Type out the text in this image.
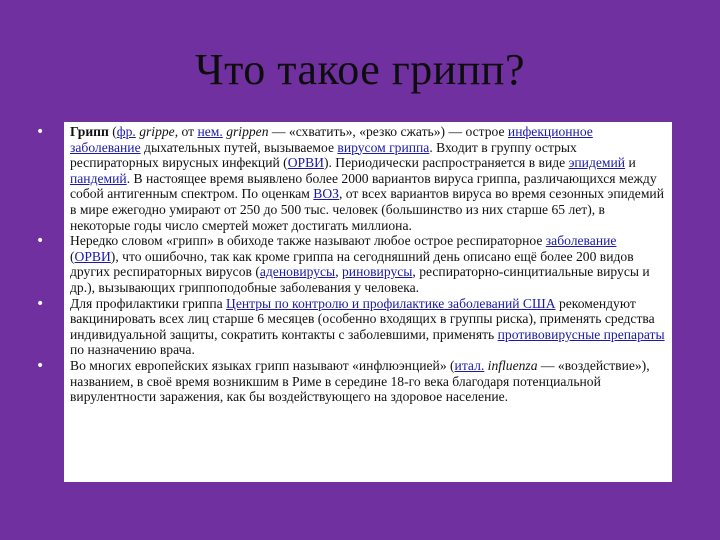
Что такое грипп?
•
•
•
•

Грипп (фр. grippe, от нем. grippen — «схватить», «резко сжать») — острое инфекционное заболевание дыхательных путей, вызываемое вирусом гриппа. Входит в группу острых респираторных вирусных инфекций (ОРВИ). Периодически распространяется в виде эпидемий и пандемий. В настоящее время выявлено более 2000 вариантов вируса гриппа, различающихся между собой антигенным спектром. По оценкам ВОЗ, от всех вариантов вируса во время сезонных эпидемий в мире ежегодно умирают от 250 до 500 тыс. человек (большинство из них старше 65 лет), в некоторые годы число смертей может достигать миллиона.

Нередко словом «грипп» в обиходе также называют любое острое респираторное заболевание (ОРВИ), что ошибочно, так как кроме гриппа на сегодняшний день описано ещё более 200 видов других респираторных вирусов (аденовирусы, риновирусы, респираторно-синцитиальные вирусы и др.), вызывающих гриппоподобные заболевания у человека.

Для профилактики гриппа Центры по контролю и профилактике заболеваний США рекомендуют вакцинировать всех лиц старше 6 месяцев (особенно входящих в группы риска), применять средства индивидуальной защиты, сократить контакты с заболевшими, применять противовирусные препараты по назначению врача.

Во многих европейских языках грипп называют «инфлюэнцией» (итал. influenza — «воздействие»), названием, в своё время возникшим в Риме в середине 18-го века благодаря потенциальной вирулентности заражения, как бы воздействующего на здоровое население.
